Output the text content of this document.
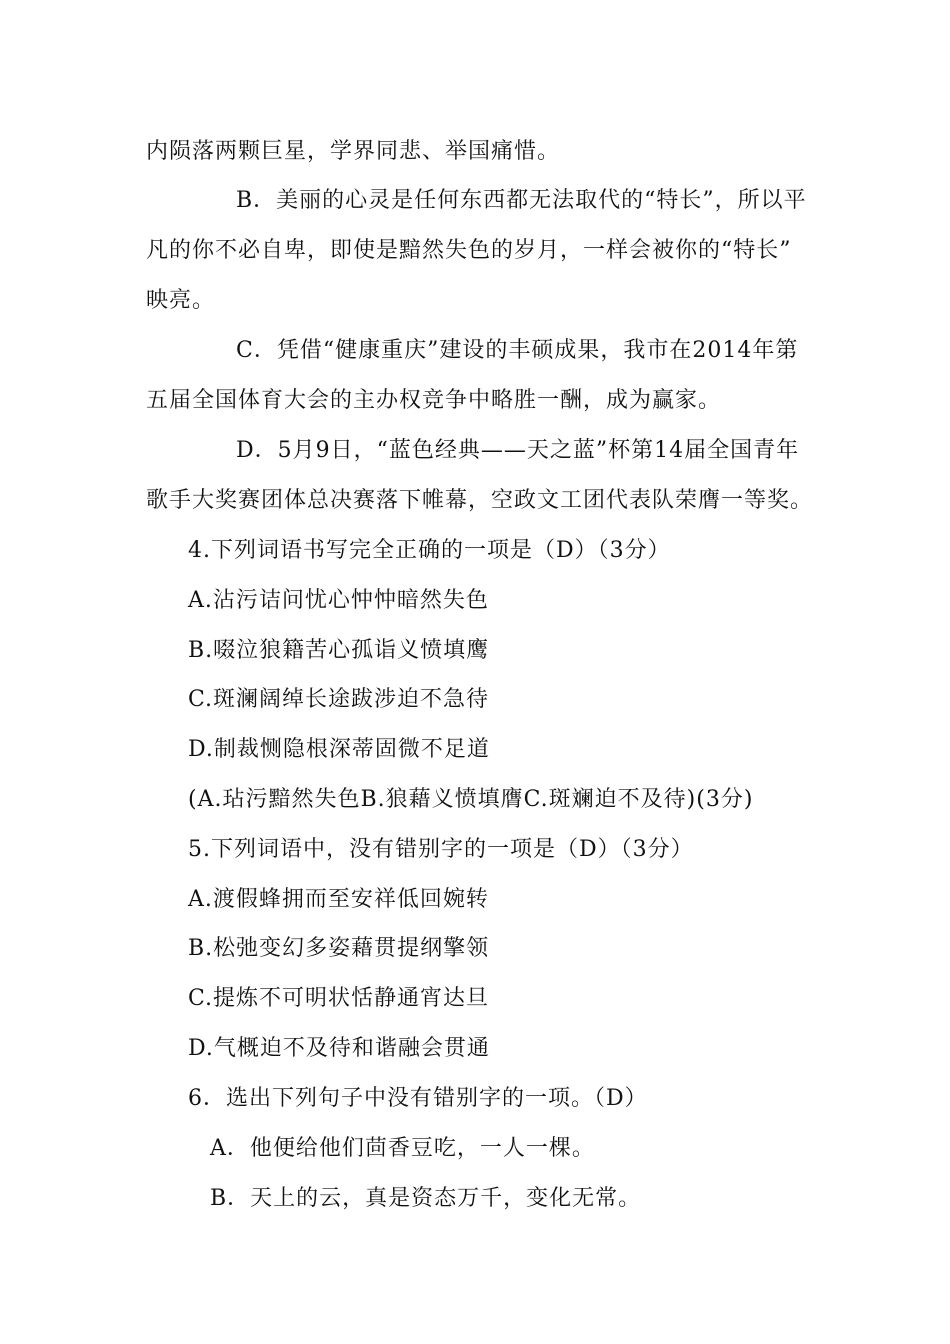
内陨落两颗巨星，学界同悲、举国痛惜。
B．美丽的心灵是任何东西都无法取代的“特长”，所以平
凡的你不必自卑，即使是黯然失色的岁月，一样会被你的“特长”
映亮。
C．凭借“健康重庆”建设的丰硕成果，我市在2014年第
五届全国体育大会的主办权竞争中略胜一酬，成为赢家。
D．5月9日，“蓝色经典——天之蓝”杯第14届全国青年
歌手大奖赛团体总决赛落下帷幕，空政文工团代表队荣膺一等奖。
4.下列词语书写完全正确的一项是（D）（3分）
A.沾污诘问忧心忡忡暗然失色
B.啜泣狼籍苦心孤诣义愤填鹰
C.斑澜阔绰长途跋涉迫不急待
D.制裁恻隐根深蒂固微不足道
(A.玷污黯然失色B.狼藉义愤填膺C.斑斓迫不及待)(3分)
5.下列词语中，没有错别字的一项是（D）（3分）
A.渡假蜂拥而至安祥低回婉转
B.松弛变幻多姿藉贯提纲擎领
C.提炼不可明状恬静通宵达旦
D.气概迫不及待和谐融会贯通
6．选出下列句子中没有错别字的一项。（D）
A．他便给他们茴香豆吃，一人一棵。
B．天上的云，真是资态万千，变化无常。
